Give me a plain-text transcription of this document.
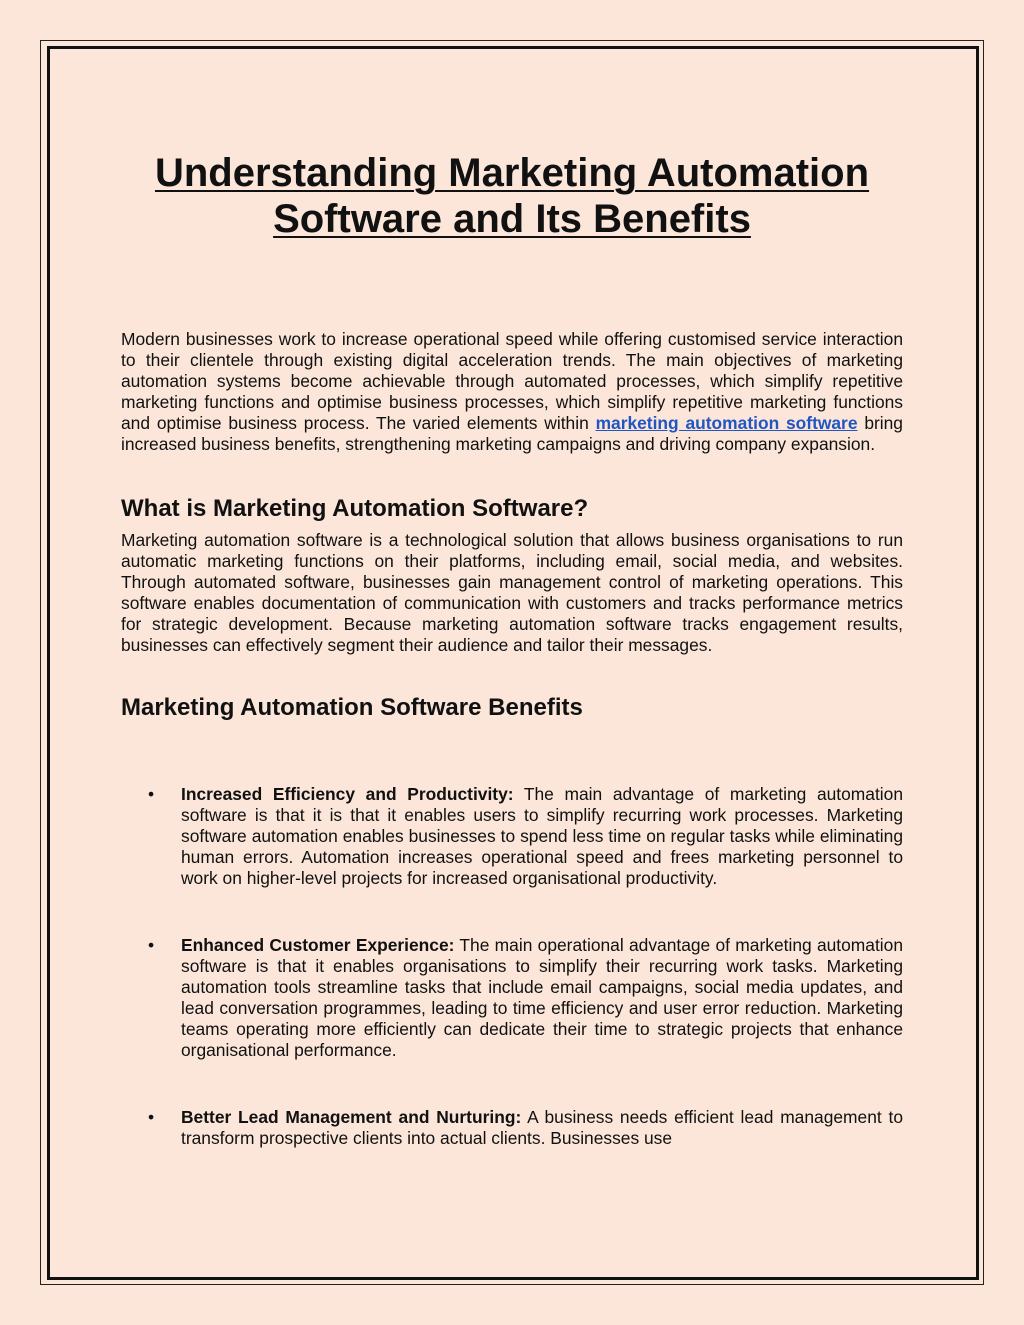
Understanding Marketing Automation Software and Its Benefits

Modern businesses work to increase operational speed while offering customised service interaction to their clientele through existing digital acceleration trends. The main objectives of marketing automation systems become achievable through automated processes, which simplify repetitive marketing functions and optimise business processes, which simplify repetitive marketing functions and optimise business process. The varied elements within marketing automation software bring increased business benefits, strengthening marketing campaigns and driving company expansion.

What is Marketing Automation Software?

Marketing automation software is a technological solution that allows business organisations to run automatic marketing functions on their platforms, including email, social media, and websites. Through automated software, businesses gain management control of marketing operations. This software enables documentation of communication with customers and tracks performance metrics for strategic development. Because marketing automation software tracks engagement results, businesses can effectively segment their audience and tailor their messages.

Marketing Automation Software Benefits
• Increased Efficiency and Productivity: The main advantage of marketing automation software is that it is that it enables users to simplify recurring work processes. Marketing software automation enables businesses to spend less time on regular tasks while eliminating human errors. Automation increases operational speed and frees marketing personnel to work on higher-level projects for increased organisational productivity.

• Enhanced Customer Experience: The main operational advantage of marketing automation software is that it enables organisations to simplify their recurring work tasks. Marketing automation tools streamline tasks that include email campaigns, social media updates, and lead conversation programmes, leading to time efficiency and user error reduction. Marketing teams operating more efficiently can dedicate their time to strategic projects that enhance organisational performance.

• Better Lead Management and Nurturing: A business needs efficient lead management to transform prospective clients into actual clients. Businesses use
